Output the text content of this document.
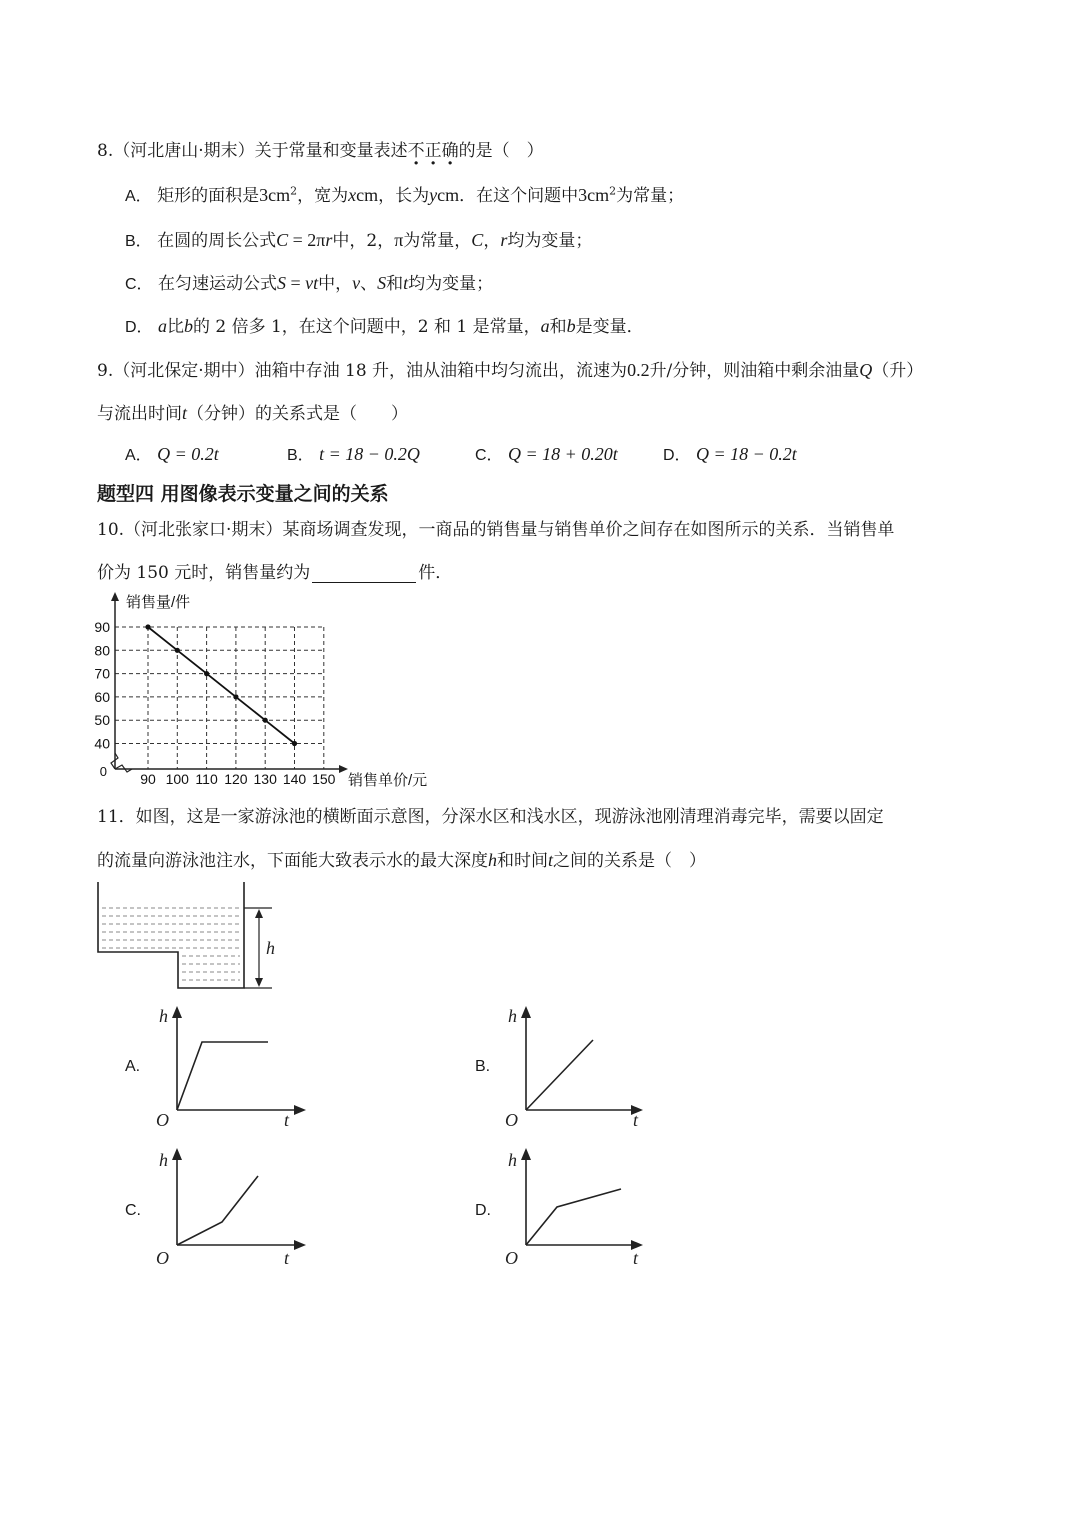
8.（河北唐山·期末）关于常量和变量表述不正确的是（　）
A． 矩形的面积是$3cm^2$，宽为xcm，长为ycm．在这个问题中$3cm^2$为常量；
B． 在圆的周长公式C = 2πr中，2，π为常量，C，r均为变量；
C． 在匀速运动公式S = vt中，v、S和t均为变量；
D． a比b的 2 倍多 1，在这个问题中，2 和 1 是常量，a和b是变量．
9.（河北保定·期中）油箱中存油 18 升，油从油箱中均匀流出，流速为0.2升/分钟，则油箱中剩余油量Q（升）
与流出时间t（分钟）的关系式是（　　）
A． Q = 0.2t	B． t = 18 − 0.2Q	C． Q = 18 + 0.20t	D． Q = 18 − 0.2t
题型四 用图像表示变量之间的关系
10.（河北张家口·期末）某商场调查发现，一商品的销售量与销售单价之间存在如图所示的关系．当销售单
价为 150 元时，销售量约为	件．
90 100 110 120 130 140 150
40
50
60
70
80
90
0
销售量/件
销售单价/元
11．如图，这是一家游泳池的横断面示意图，分深水区和浅水区，现游泳池刚清理消毒完毕，需要以固定
的流量向游泳池注水，下面能大致表示水的最大深度h和时间t之间的关系是（　）
h
A.
h
t
O
B.
h
t
O
C.
h
t
O
D.
h
t
O
